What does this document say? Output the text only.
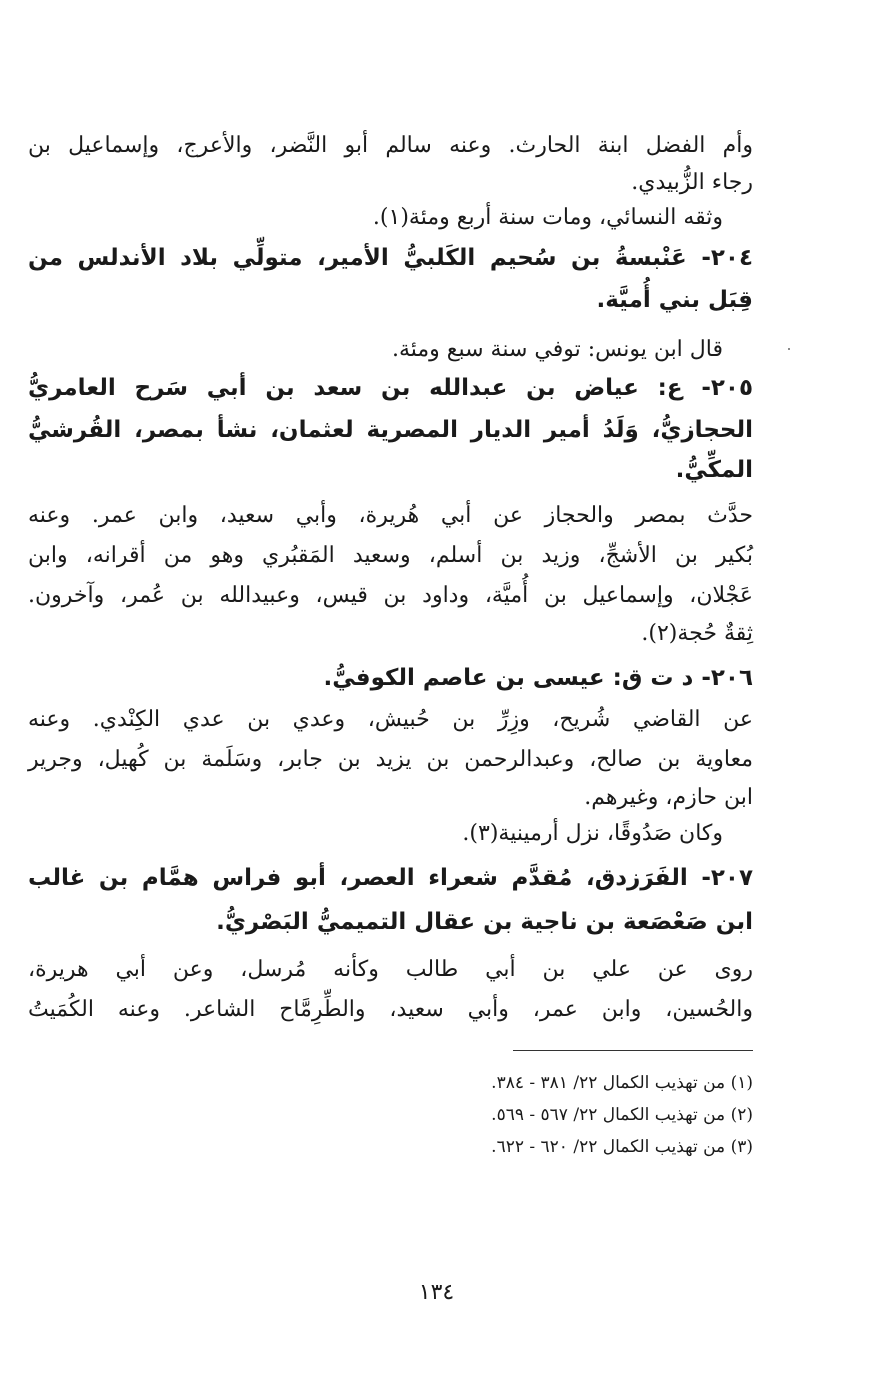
وأم الفضل ابنة الحارث. وعنه سالم أبو النَّضر، والأعرج، وإسماعيل بن
رجاء الزُّبيدي.
وثقه النسائي، ومات سنة أربع ومئة(١).
٢٠٤- عَنْبسةُ بن سُحيم الكَلبيُّ الأمير، متولِّي بلاد الأندلس من
قِبَل بني أُميَّة.
قال ابن يونس: توفي سنة سبع ومئة.
٢٠٥- ع: عياض بن عبدالله بن سعد بن أبي سَرح العامريُّ
الحجازيُّ، وَلَدُ أمير الديار المصرية لعثمان، نشأ بمصر، القُرشيُّ
المكِّيُّ.
حدَّث بمصر والحجاز عن أبي هُريرة، وأبي سعيد، وابن عمر. وعنه
بُكير بن الأشجِّ، وزيد بن أسلم، وسعيد المَقبُري وهو من أقرانه، وابن
عَجْلان، وإسماعيل بن أُميَّة، وداود بن قيس، وعبيدالله بن عُمر، وآخرون.
ثِقةٌ حُجة(٢).
٢٠٦- د ت ق: عيسى بن عاصم الكوفيُّ.
عن القاضي شُريح، وزِرِّ بن حُبيش، وعدي بن عدي الكِنْدي. وعنه
معاوية بن صالح، وعبدالرحمن بن يزيد بن جابر، وسَلَمة بن كُهيل، وجرير
ابن حازم، وغيرهم.
وكان صَدُوقًا، نزل أرمينية(٣).
٢٠٧- الفَرَزدق، مُقدَّم شعراء العصر، أبو فراس همَّام بن غالب
ابن صَعْصَعة بن ناجية بن عقال التميميُّ البَصْريُّ.
روى عن علي بن أبي طالب وكأنه مُرسل، وعن أبي هريرة،
والحُسين، وابن عمر، وأبي سعيد، والطِّرِمَّاح الشاعر. وعنه الكُمَيتُ
(١) من تهذيب الكمال ٢٢/ ٣٨١ - ٣٨٤.
(٢) من تهذيب الكمال ٢٢/ ٥٦٧ - ٥٦٩.
(٣) من تهذيب الكمال ٢٢/ ٦٢٠ - ٦٢٢.
١٣٤
